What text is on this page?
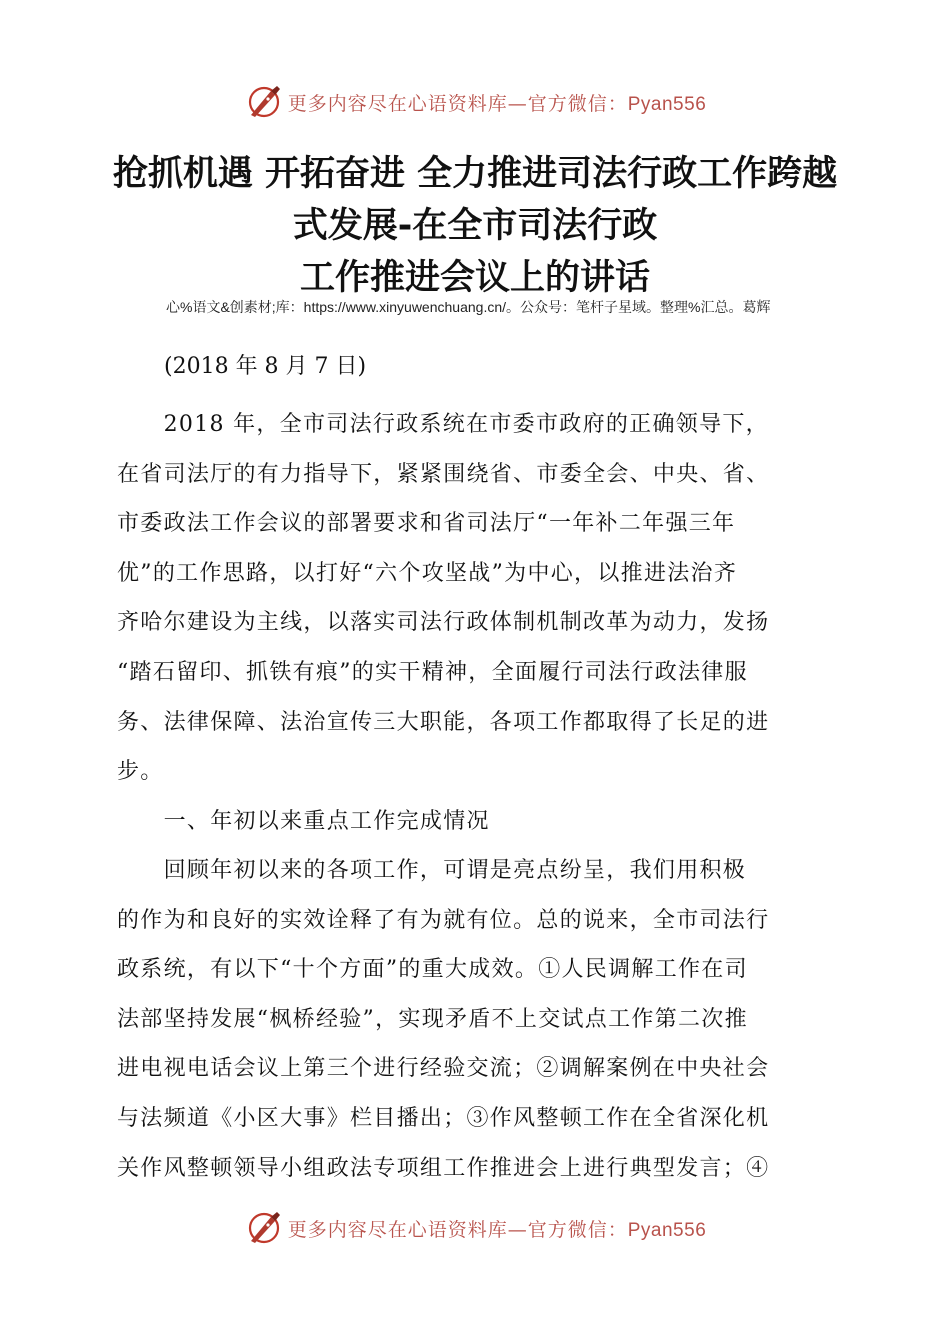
更多内容尽在心语资料库—官方微信：Pyan556
抢抓机遇 开拓奋进 全力推进司法行政工作跨越
式发展-在全市司法行政
工作推进会议上的讲话
心%语文&创素材;库：https://www.xinyuwenchuang.cn/。公众号：笔杆子星域。整理%汇总。葛辉
(2018 年 8 月 7 日)
　　2018 年，全市司法行政系统在市委市政府的正确领导下，
在省司法厅的有力指导下，紧紧围绕省、市委全会、中央、省、
市委政法工作会议的部署要求和省司法厅“一年补二年强三年
优”的工作思路，以打好“六个攻坚战”为中心，以推进法治齐
齐哈尔建设为主线，以落实司法行政体制机制改革为动力，发扬
“踏石留印、抓铁有痕”的实干精神，全面履行司法行政法律服
务、法律保障、法治宣传三大职能，各项工作都取得了长足的进
步。
　　一、年初以来重点工作完成情况
　　回顾年初以来的各项工作，可谓是亮点纷呈，我们用积极
的作为和良好的实效诠释了有为就有位。总的说来，全市司法行
政系统，有以下“十个方面”的重大成效。①人民调解工作在司
法部坚持发展“枫桥经验”，实现矛盾不上交试点工作第二次推
进电视电话会议上第三个进行经验交流；②调解案例在中央社会
与法频道《小区大事》栏目播出；③作风整顿工作在全省深化机
关作风整顿领导小组政法专项组工作推进会上进行典型发言；④
更多内容尽在心语资料库—官方微信：Pyan556
